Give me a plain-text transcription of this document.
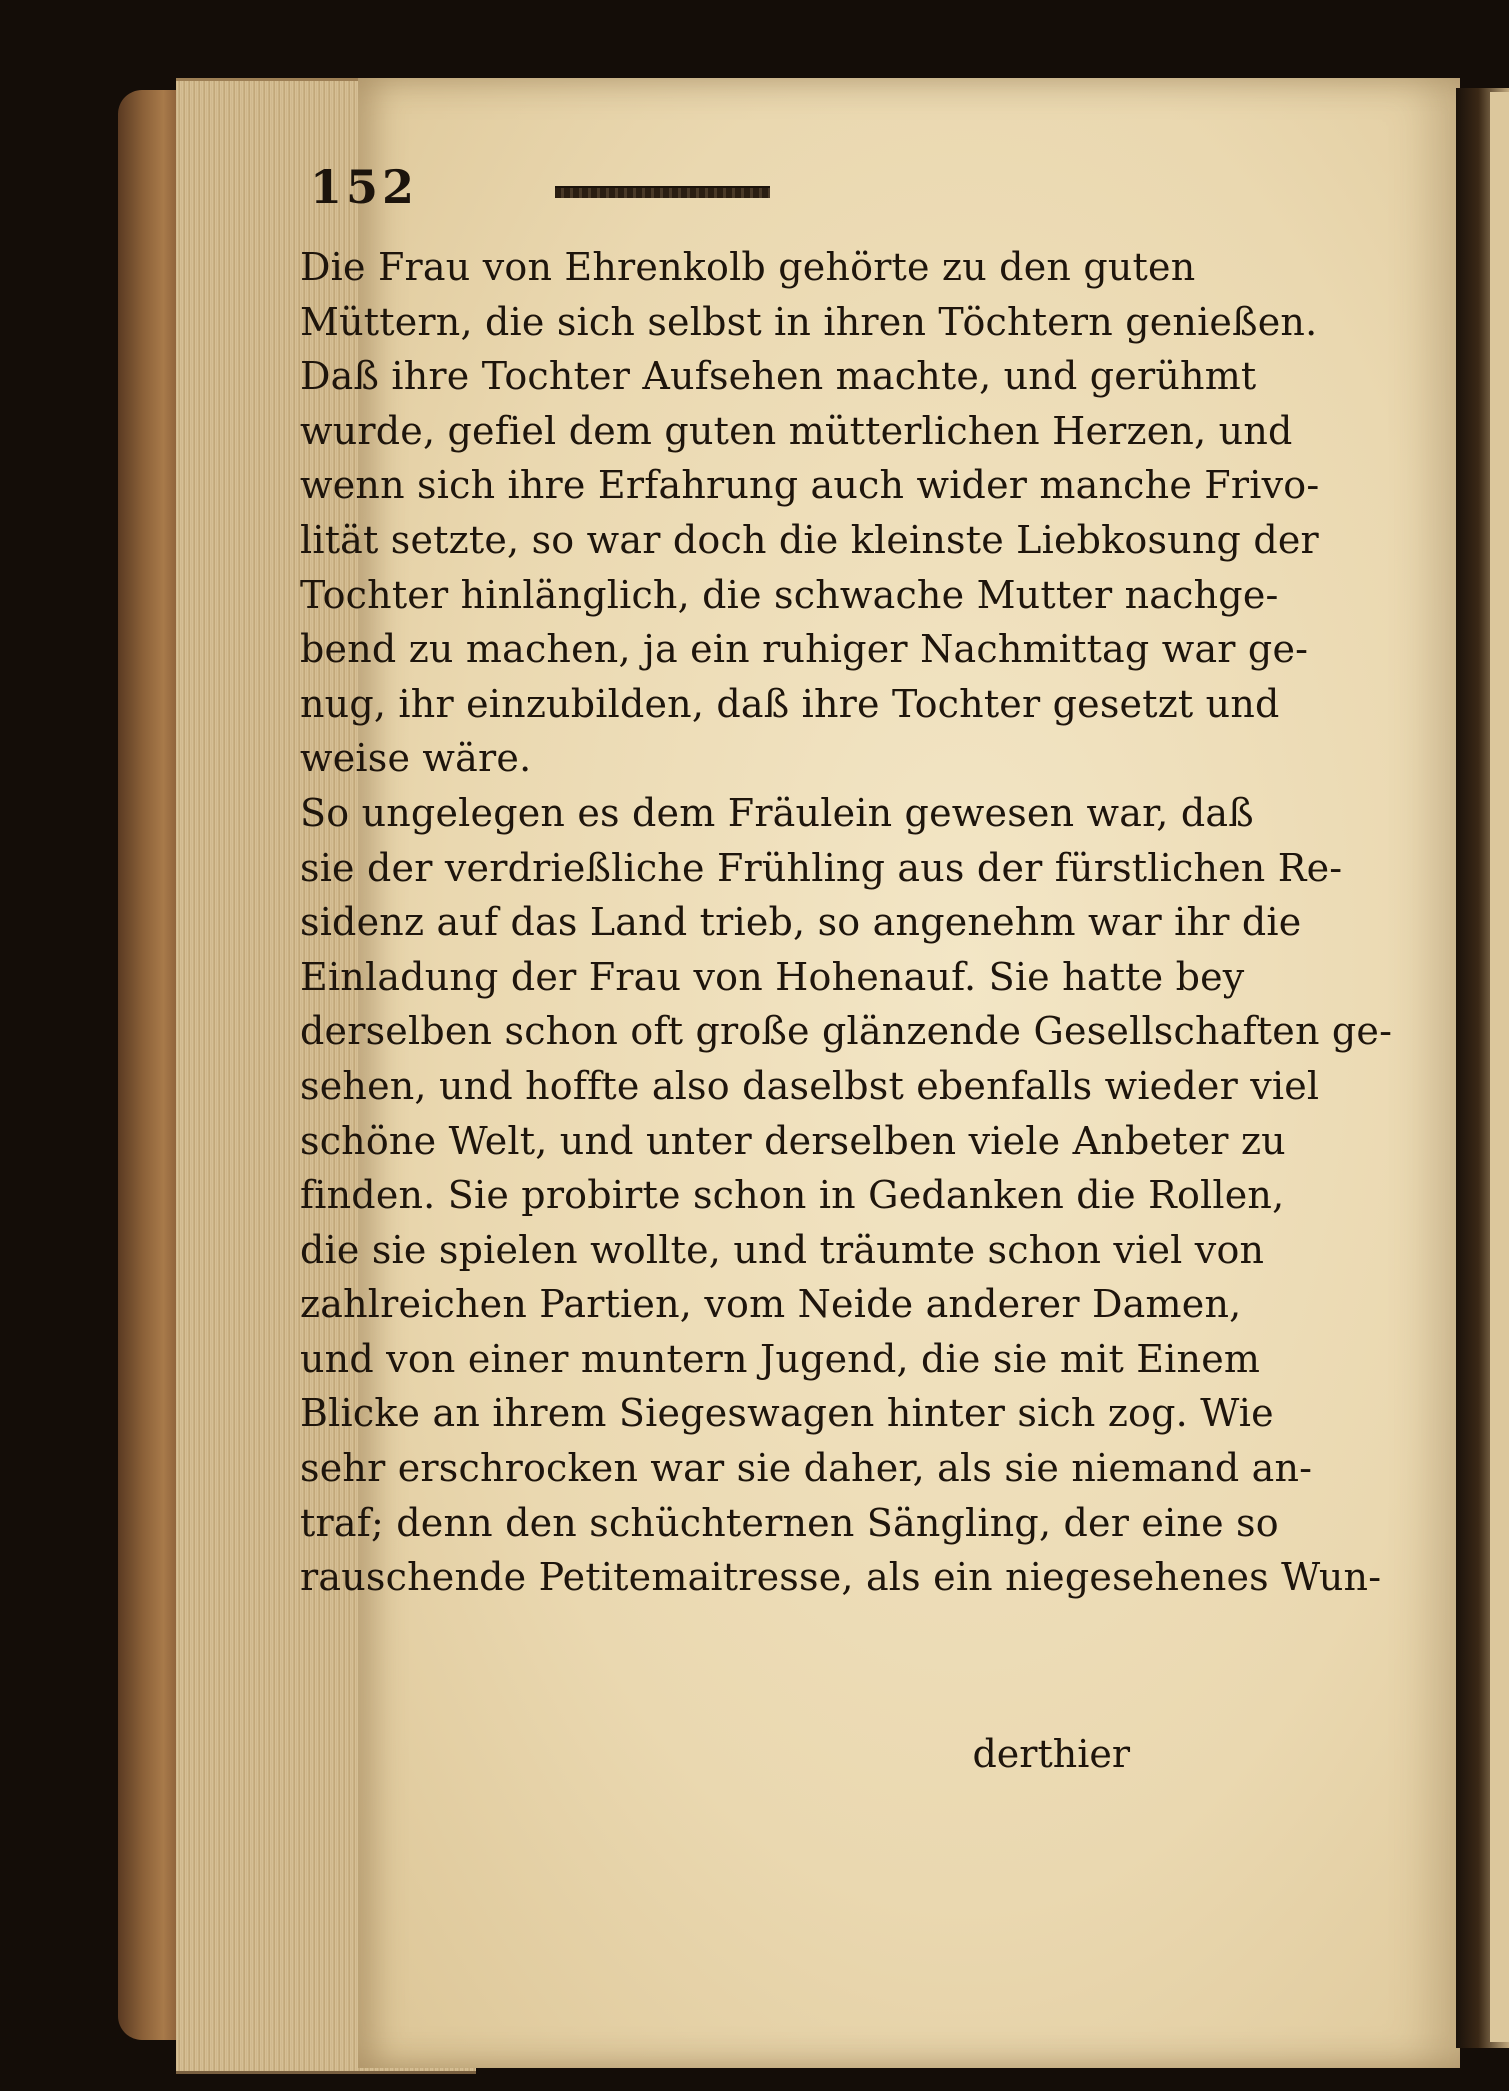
152
Die Frau von Ehrenkolb gehörte zu den guten
Müttern, die sich selbst in ihren Töchtern genießen.
Daß ihre Tochter Aufsehen machte, und gerühmt
wurde, gefiel dem guten mütterlichen Herzen, und
wenn sich ihre Erfahrung auch wider manche Frivo-
lität setzte, so war doch die kleinste Liebkosung der
Tochter hinlänglich, die schwache Mutter nachge-
bend zu machen, ja ein ruhiger Nachmittag war ge-
nug, ihr einzubilden, daß ihre Tochter gesetzt und
weise wäre.
So ungelegen es dem Fräulein gewesen war, daß
sie der verdrießliche Frühling aus der fürstlichen Re-
sidenz auf das Land trieb, so angenehm war ihr die
Einladung der Frau von Hohenauf. Sie hatte bey
derselben schon oft große glänzende Gesellschaften ge-
sehen, und hoffte also daselbst ebenfalls wieder viel
schöne Welt, und unter derselben viele Anbeter zu
finden. Sie probirte schon in Gedanken die Rollen,
die sie spielen wollte, und träumte schon viel von
zahlreichen Partien, vom Neide anderer Damen,
und von einer muntern Jugend, die sie mit Einem
Blicke an ihrem Siegeswagen hinter sich zog. Wie
sehr erschrocken war sie daher, als sie niemand an-
traf; denn den schüchternen Sängling, der eine so
rauschende Petitemaitresse, als ein niegesehenes Wun-
derthier
